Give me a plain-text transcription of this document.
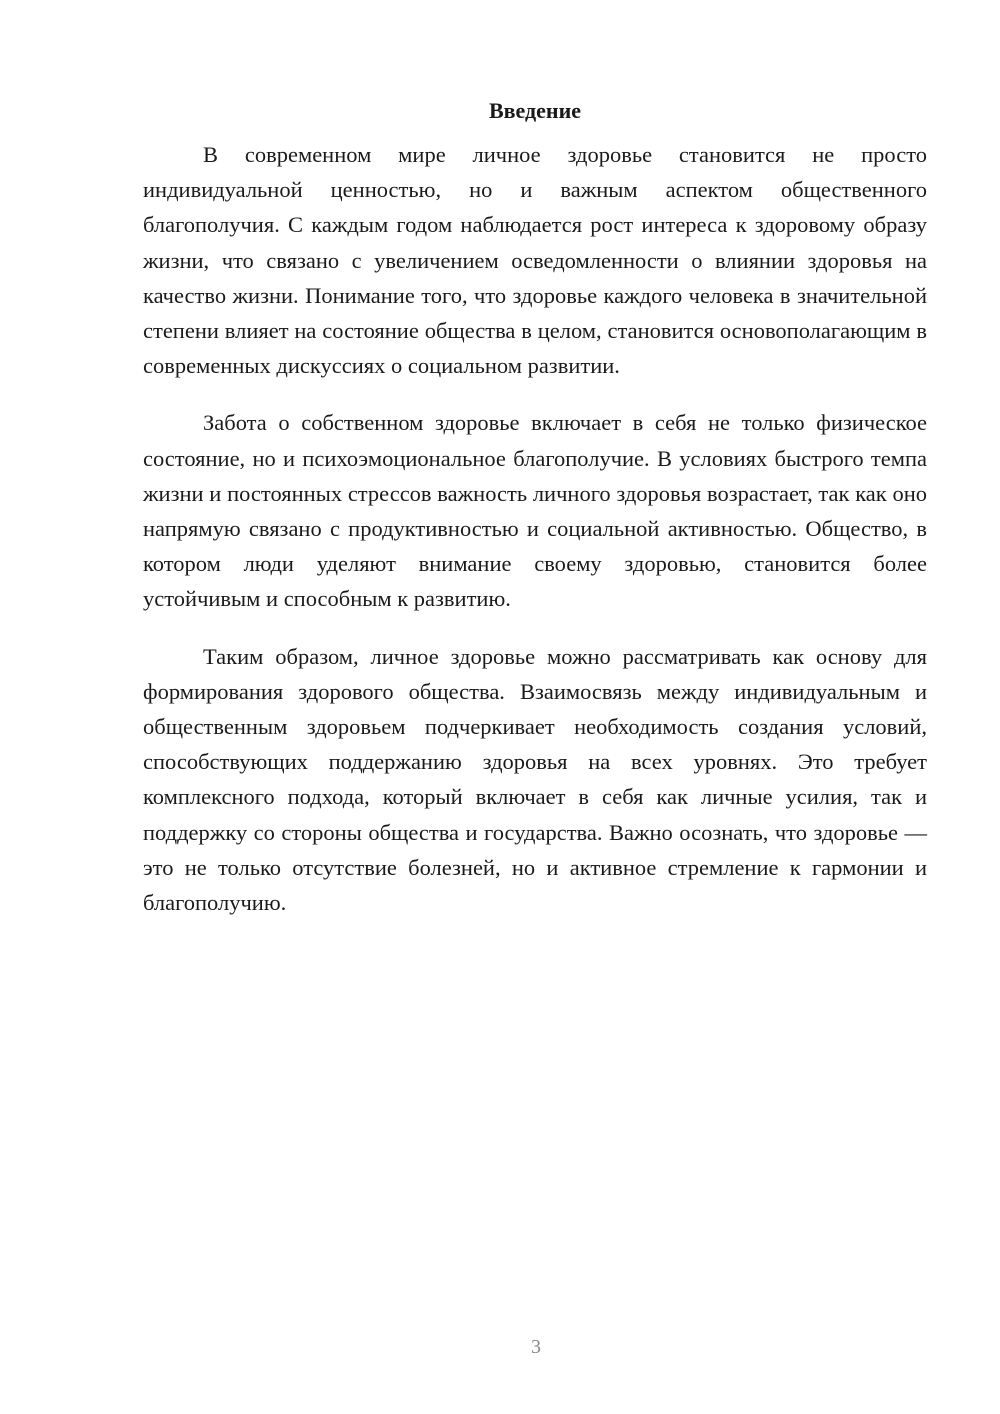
Введение

В современном мире личное здоровье становится не просто индивидуальной ценностью, но и важным аспектом общественного благополучия. С каждым годом наблюдается рост интереса к здоровому образу жизни, что связано с увеличением осведомленности о влиянии здоровья на качество жизни. Понимание того, что здоровье каждого человека в значительной степени влияет на состояние общества в целом, становится основополагающим в современных дискуссиях о социальном развитии.

Забота о собственном здоровье включает в себя не только физическое состояние, но и психоэмоциональное благополучие. В условиях быстрого темпа жизни и постоянных стрессов важность личного здоровья возрастает, так как оно напрямую связано с продуктивностью и социальной активностью. Общество, в котором люди уделяют внимание своему здоровью, становится более устойчивым и способным к развитию.

Таким образом, личное здоровье можно рассматривать как основу для формирования здорового общества. Взаимосвязь между индивидуальным и общественным здоровьем подчеркивает необходимость создания условий, способствующих поддержанию здоровья на всех уровнях. Это требует комплексного подхода, который включает в себя как личные усилия, так и поддержку со стороны общества и государства. Важно осознать, что здоровье — это не только отсутствие болезней, но и активное стремление к гармонии и благополучию.

3
